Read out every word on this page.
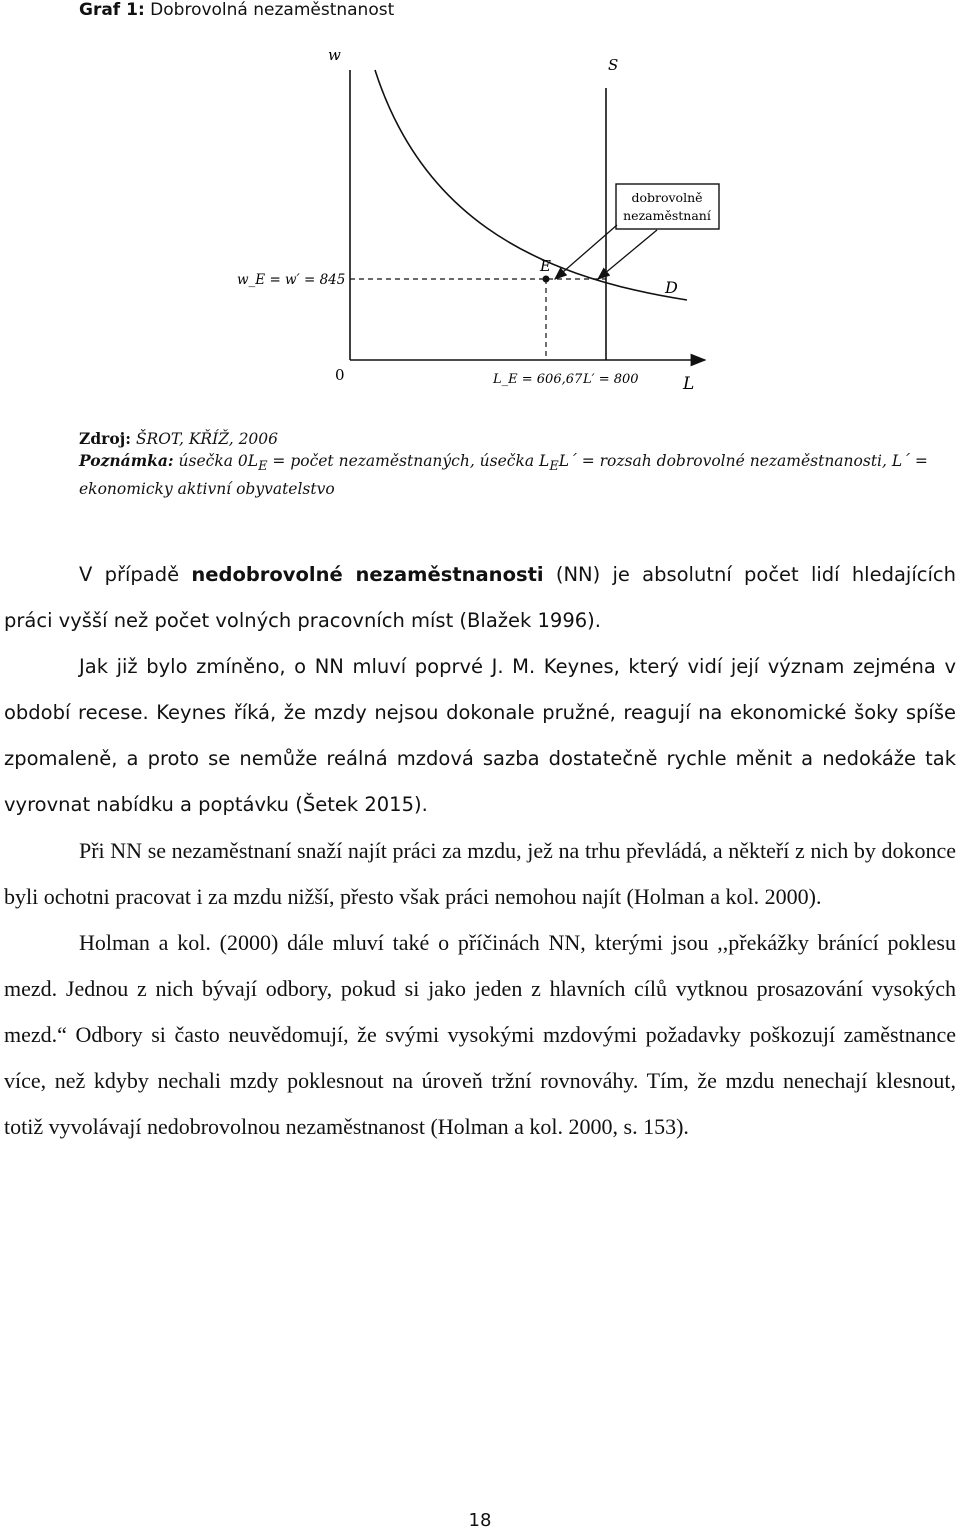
Graf 1: Dobrovolná nezaměstnanost
w
L
0
D
S
E
w_E = w′ = 845
L_E = 606,67 L′ = 800
dobrovolně
nezaměstnaní
Zdroj: ŠROT, KŘÍŽ, 2006
Poznámka: úsečka $0L_E$ = počet nezaměstnaných, úsečka $L_EL´$ = rozsah dobrovolné nezaměstnanosti, L´ = ekonomicky aktivní obyvatelstvo

V případě nedobrovolné nezaměstnanosti (NN) je absolutní počet lidí hledajících práci vyšší než počet volných pracovních míst (Blažek 1996).

Jak již bylo zmíněno, o NN mluví poprvé J. M. Keynes, který vidí její význam zejména v období recese. Keynes říká, že mzdy nejsou dokonale pružné, reagují na ekonomické šoky spíše zpomaleně, a proto se nemůže reálná mzdová sazba dostatečně rychle měnit a nedokáže tak vyrovnat nabídku a poptávku (Šetek 2015).

Při NN se nezaměstnaní snaží najít práci za mzdu, jež na trhu převládá, a někteří z nich by dokonce byli ochotni pracovat i za mzdu nižší, přesto však práci nemohou najít (Holman a kol. 2000).

Holman a kol. (2000) dále mluví také o příčinách NN, kterými jsou ,,překážky bránící poklesu mezd. Jednou z nich bývají odbory, pokud si jako jeden z hlavních cílů vytknou prosazování vysokých mezd.“ Odbory si často neuvědomují, že svými vysokými mzdovými požadavky poškozují zaměstnance více, než kdyby nechali mzdy poklesnout na úroveň tržní rovnováhy. Tím, že mzdu nenechají klesnout, totiž vyvolávají nedobrovolnou nezaměstnanost (Holman a kol. 2000, s. 153).

18
